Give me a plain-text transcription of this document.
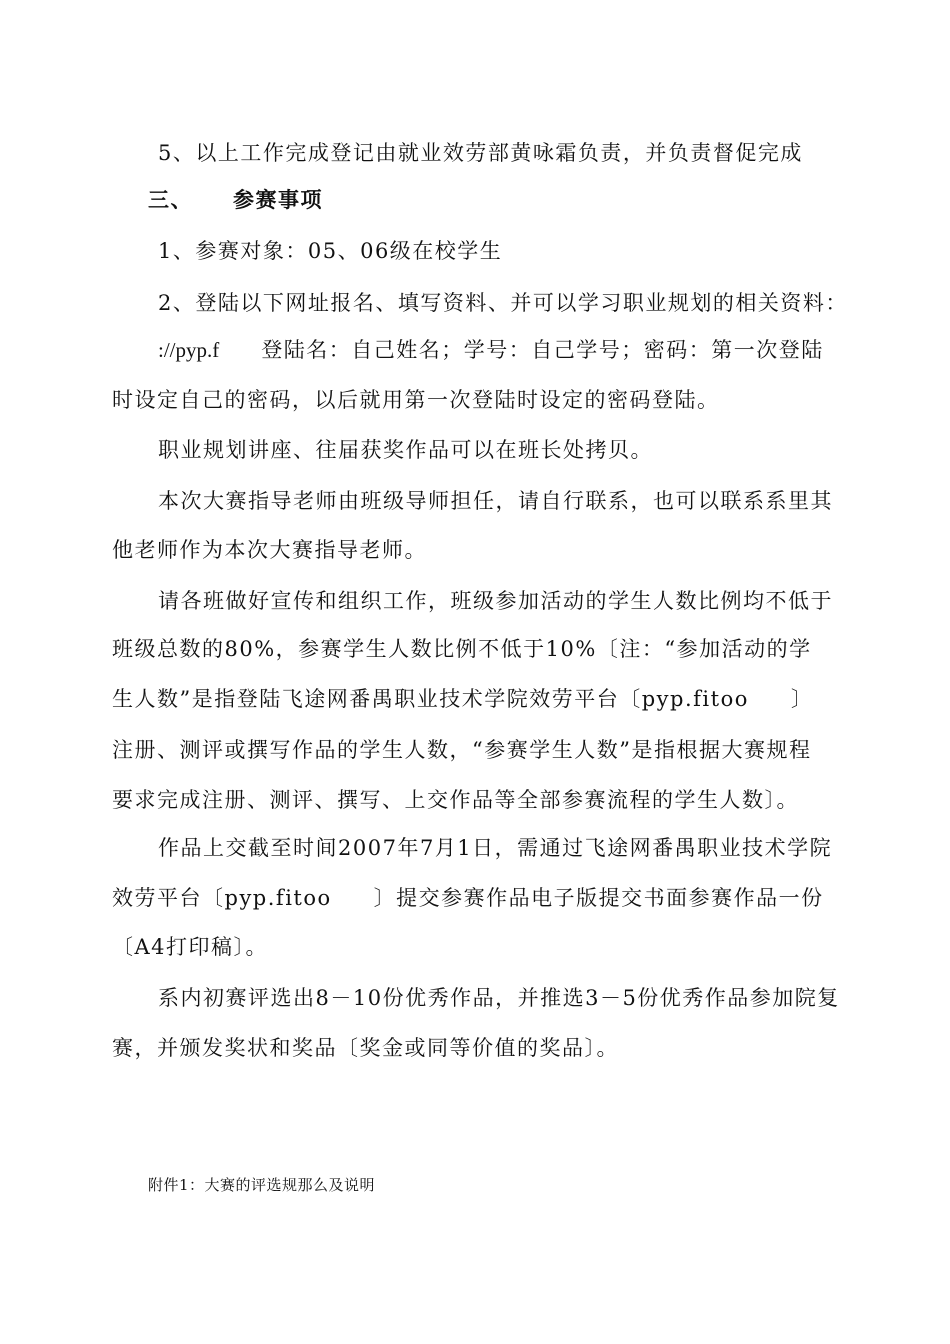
5、以上工作完成登记由就业效劳部黄咏霜负责，并负责督促完成
三、 参赛事项
1、参赛对象：05、06级在校学生
2、登陆以下网址报名、填写资料、并可以学习职业规划的相关资料：
://pyp.f 登陆名：自己姓名；学号：自己学号；密码：第一次登陆
时设定自己的密码，以后就用第一次登陆时设定的密码登陆。
职业规划讲座、往届获奖作品可以在班长处拷贝。
本次大赛指导老师由班级导师担任，请自行联系，也可以联系系里其
他老师作为本次大赛指导老师。
请各班做好宣传和组织工作，班级参加活动的学生人数比例均不低于
班级总数的80%，参赛学生人数比例不低于10%〔注：“参加活动的学
生人数”是指登陆飞途网番禺职业技术学院效劳平台〔pyp.fitoo 〕
注册、测评或撰写作品的学生人数，“参赛学生人数”是指根据大赛规程
要求完成注册、测评、撰写、上交作品等全部参赛流程的学生人数〕。
作品上交截至时间2007年7月1日，需通过飞途网番禺职业技术学院
效劳平台〔pyp.fitoo 〕提交参赛作品电子版提交书面参赛作品一份
〔A4打印稿〕。
系内初赛评选出8－10份优秀作品，并推选3－5份优秀作品参加院复
赛，并颁发奖状和奖品〔奖金或同等价值的奖品〕。
附件1：大赛的评选规那么及说明
